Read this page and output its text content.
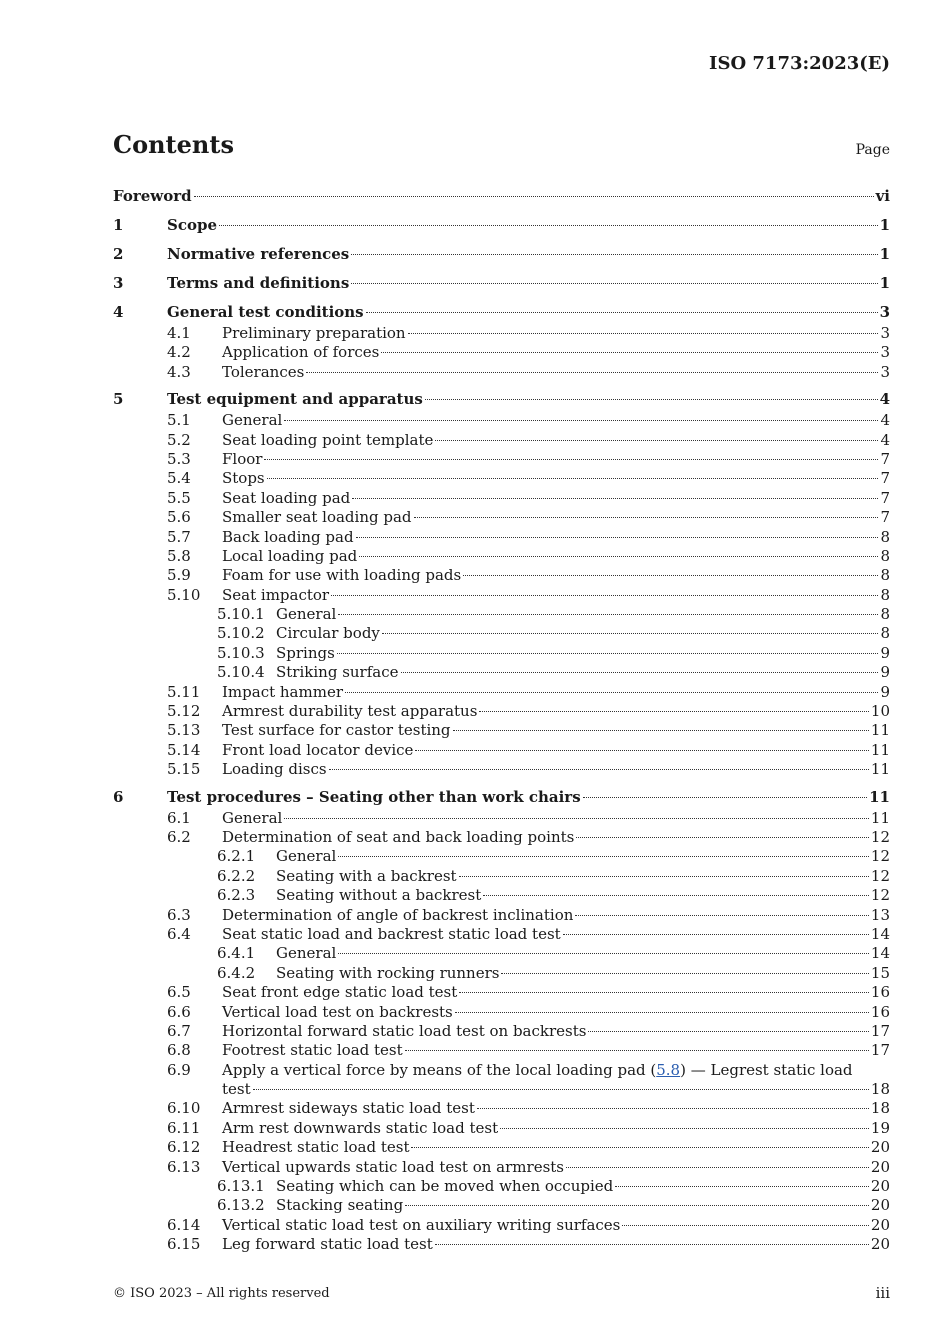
ISO 7173:2023(E)
Contents	Page
Foreword	vi
1	Scope	1
2	Normative references	1
3	Terms and definitions	1
4	General test conditions	3
4.1 Preliminary preparation	3
4.2 Application of forces	3
4.3 Tolerances	3
5	Test equipment and apparatus	4
5.1 General	4
5.2 Seat loading point template	4
5.3 Floor	7
5.4 Stops	7
5.5 Seat loading pad	7
5.6 Smaller seat loading pad	7
5.7 Back loading pad	8
5.8 Local loading pad	8
5.9 Foam for use with loading pads	8
5.10 Seat impactor	8
5.10.1 General	8
5.10.2 Circular body	8
5.10.3 Springs	9
5.10.4 Striking surface	9
5.11 Impact hammer	9
5.12 Armrest durability test apparatus	10
5.13 Test surface for castor testing	11
5.14 Front load locator device	11
5.15 Loading discs	11
6	Test procedures – Seating other than work chairs	11
6.1 General	11
6.2 Determination of seat and back loading points	12
6.2.1 General	12
6.2.2 Seating with a backrest	12
6.2.3 Seating without a backrest	12
6.3 Determination of angle of backrest inclination	13
6.4 Seat static load and backrest static load test	14
6.4.1 General	14
6.4.2 Seating with rocking runners	15
6.5 Seat front edge static load test	16
6.6 Vertical load test on backrests	16
6.7 Horizontal forward static load test on backrests	17
6.8 Footrest static load test	17
6.9 Apply a vertical force by means of the local loading pad (5.8) — Legrest static load
test	18
6.10 Armrest sideways static load test	18
6.11 Arm rest downwards static load test	19
6.12 Headrest static load test	20
6.13 Vertical upwards static load test on armrests	20
6.13.1 Seating which can be moved when occupied	20
6.13.2 Stacking seating	20
6.14 Vertical static load test on auxiliary writing surfaces	20
6.15 Leg forward static load test	20
© ISO 2023 – All rights reserved	iii
